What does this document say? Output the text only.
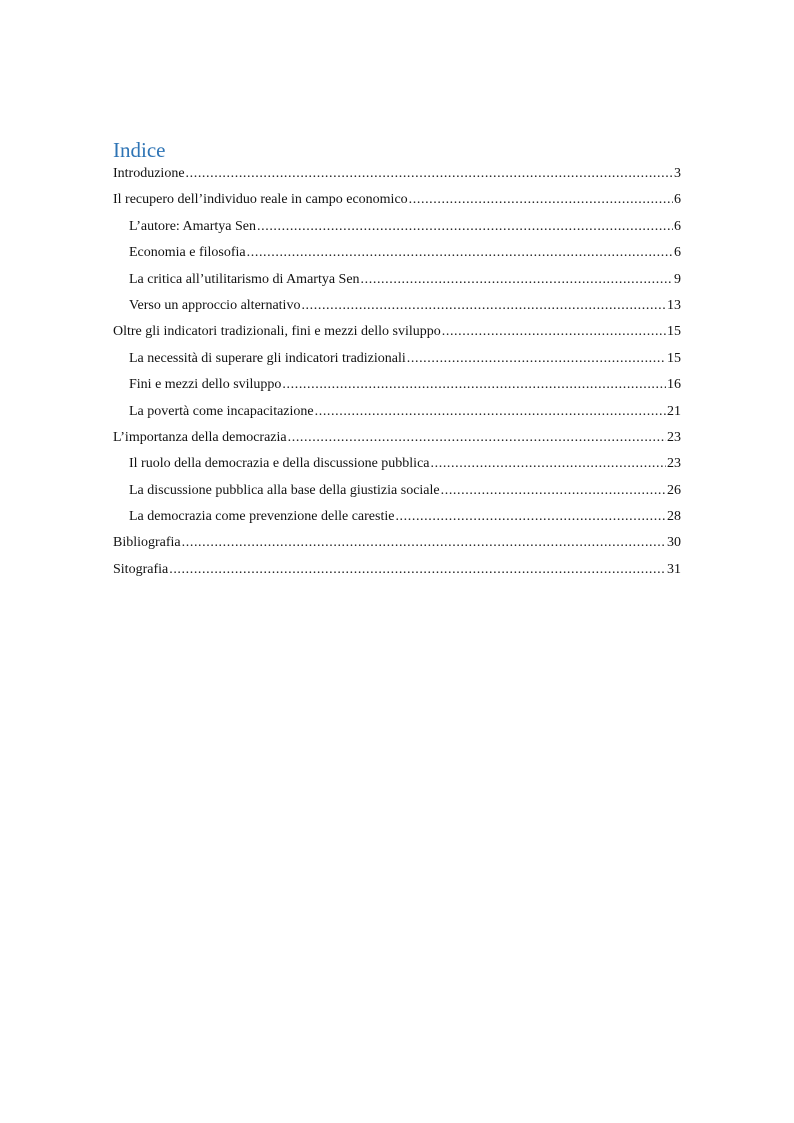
Indice
Introduzione .....	3
Il recupero dell’individuo reale in campo economico .....	6
L’autore: Amartya Sen .....	6
Economia e filosofia .....	6
La critica all’utilitarismo di Amartya Sen .....	9
Verso un approccio alternativo .....	13
Oltre gli indicatori tradizionali, fini e mezzi dello sviluppo .....	15
La necessità di superare gli indicatori tradizionali .....	15
Fini e mezzi dello sviluppo .....	16
La povertà come incapacitazione .....	21
L’importanza della democrazia .....	23
Il ruolo della democrazia e della discussione pubblica .....	23
La discussione pubblica alla base della giustizia sociale .....	26
La democrazia come prevenzione delle carestie .....	28
Bibliografia .....	30
Sitografia .....	31
